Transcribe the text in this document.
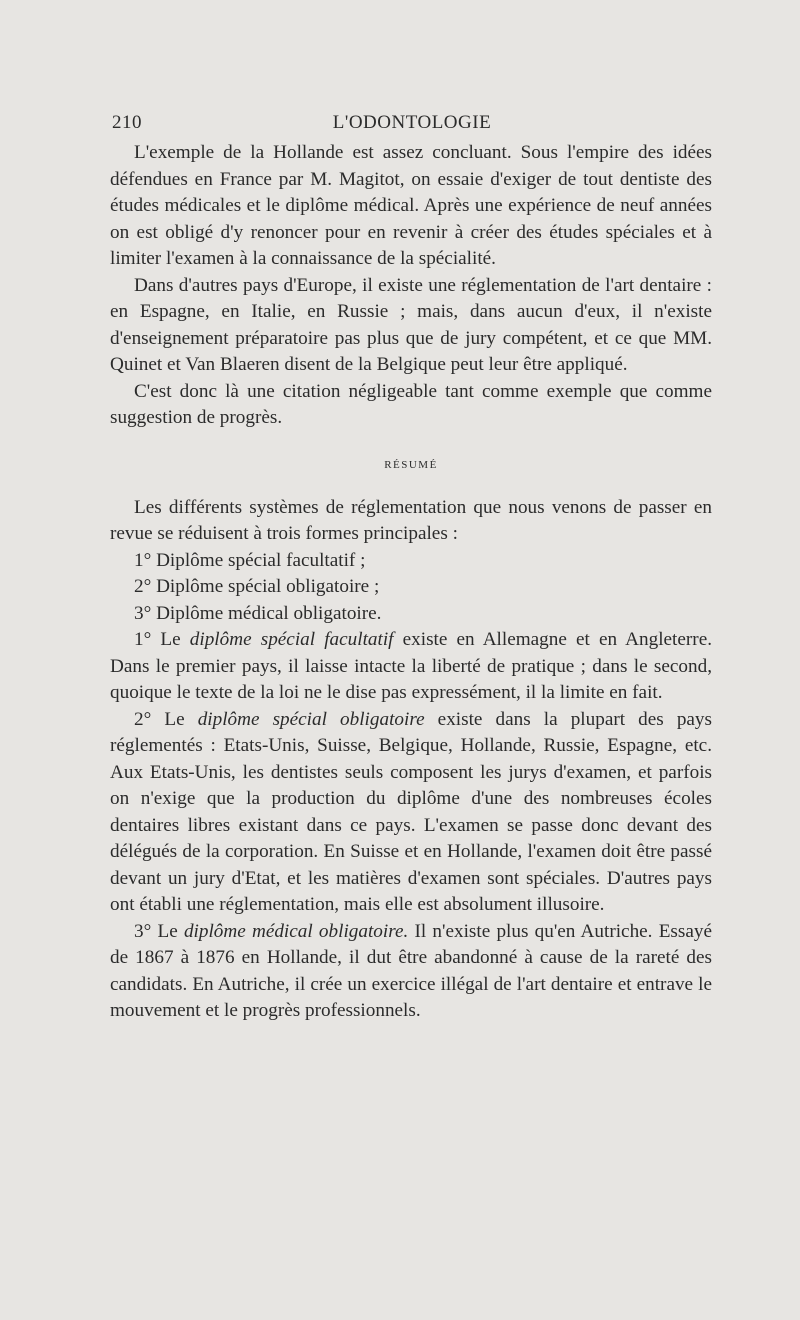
210	L'ODONTOLOGIE

L'exemple de la Hollande est assez concluant. Sous l'empire des idées défendues en France par M. Magitot, on essaie d'exiger de tout dentiste des études médicales et le diplôme médical. Après une expérience de neuf années on est obligé d'y renoncer pour en revenir à créer des études spéciales et à limiter l'examen à la connaissance de la spécialité.

Dans d'autres pays d'Europe, il existe une réglementation de l'art dentaire : en Espagne, en Italie, en Russie ; mais, dans aucun d'eux, il n'existe d'enseignement préparatoire pas plus que de jury compétent, et ce que MM. Quinet et Van Blaeren disent de la Belgique peut leur être appliqué.

C'est donc là une citation négligeable tant comme exemple que comme suggestion de progrès.

RÉSUMÉ

Les différents systèmes de réglementation que nous venons de passer en revue se réduisent à trois formes principales :

1° Diplôme spécial facultatif ;

2° Diplôme spécial obligatoire ;

3° Diplôme médical obligatoire.

1° Le diplôme spécial facultatif existe en Allemagne et en Angleterre. Dans le premier pays, il laisse intacte la liberté de pratique ; dans le second, quoique le texte de la loi ne le dise pas expressément, il la limite en fait.

2° Le diplôme spécial obligatoire existe dans la plupart des pays réglementés : Etats-Unis, Suisse, Belgique, Hollande, Russie, Espagne, etc. Aux Etats-Unis, les dentistes seuls composent les jurys d'examen, et parfois on n'exige que la production du diplôme d'une des nombreuses écoles dentaires libres existant dans ce pays. L'examen se passe donc devant des délégués de la corporation. En Suisse et en Hollande, l'examen doit être passé devant un jury d'Etat, et les matières d'examen sont spéciales. D'autres pays ont établi une réglementation, mais elle est absolument illusoire.

3° Le diplôme médical obligatoire. Il n'existe plus qu'en Autriche. Essayé de 1867 à 1876 en Hollande, il dut être abandonné à cause de la rareté des candidats. En Autriche, il crée un exercice illégal de l'art dentaire et entrave le mouvement et le progrès professionnels.
